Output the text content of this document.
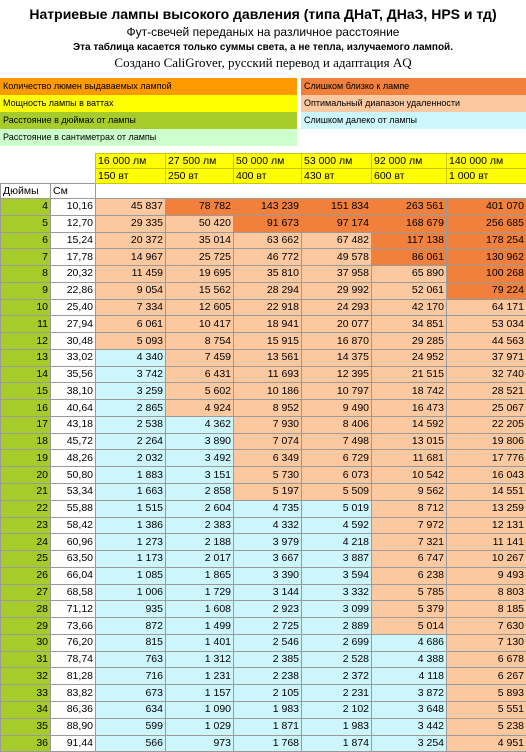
Натриевые лампы высокого давления (типа ДНаТ, ДНаЗ, HPS и тд)
Фут-свечей переданых на различное расстояние
Эта таблица касается только суммы света, а не тепла, излучаемого лампой.
Создано CaliGrover, русский перевод и адаптация AQ
Количество люмен выдаваемых лампой
Мощность лампы в ваттах
Расстояние в дюймах от лампы
Расстояние в сантиметрах от лампы
Слишком близко к лампе
Оптимальный диапазон удаленности
Слишком далеко от лампы
		16 000 лм	27 500 лм	50 000 лм	53 000 лм	92 000 лм	140 000 лм
		150 вт	250 вт	400 вт	430 вт	600 вт	1 000 вт
Дюймы	См						
4	10,16	45 837	78 782	143 239	151 834	263 561	401 070
5	12,70	29 335	50 420	91 673	97 174	168 679	256 685
6	15,24	20 372	35 014	63 662	67 482	117 138	178 254
7	17,78	14 967	25 725	46 772	49 578	86 061	130 962
8	20,32	11 459	19 695	35 810	37 958	65 890	100 268
9	22,86	9 054	15 562	28 294	29 992	52 061	79 224
10	25,40	7 334	12 605	22 918	24 293	42 170	64 171
11	27,94	6 061	10 417	18 941	20 077	34 851	53 034
12	30,48	5 093	8 754	15 915	16 870	29 285	44 563
13	33,02	4 340	7 459	13 561	14 375	24 952	37 971
14	35,56	3 742	6 431	11 693	12 395	21 515	32 740
15	38,10	3 259	5 602	10 186	10 797	18 742	28 521
16	40,64	2 865	4 924	8 952	9 490	16 473	25 067
17	43,18	2 538	4 362	7 930	8 406	14 592	22 205
18	45,72	2 264	3 890	7 074	7 498	13 015	19 806
19	48,26	2 032	3 492	6 349	6 729	11 681	17 776
20	50,80	1 883	3 151	5 730	6 073	10 542	16 043
21	53,34	1 663	2 858	5 197	5 509	9 562	14 551
22	55,88	1 515	2 604	4 735	5 019	8 712	13 259
23	58,42	1 386	2 383	4 332	4 592	7 972	12 131
24	60,96	1 273	2 188	3 979	4 218	7 321	11 141
25	63,50	1 173	2 017	3 667	3 887	6 747	10 267
26	66,04	1 085	1 865	3 390	3 594	6 238	9 493
27	68,58	1 006	1 729	3 144	3 332	5 785	8 803
28	71,12	935	1 608	2 923	3 099	5 379	8 185
29	73,66	872	1 499	2 725	2 889	5 014	7 630
30	76,20	815	1 401	2 546	2 699	4 686	7 130
31	78,74	763	1 312	2 385	2 528	4 388	6 678
32	81,28	716	1 231	2 238	2 372	4 118	6 267
33	83,82	673	1 157	2 105	2 231	3 872	5 893
34	86,36	634	1 090	1 983	2 102	3 648	5 551
35	88,90	599	1 029	1 871	1 983	3 442	5 238
36	91,44	566	973	1 768	1 874	3 254	4 951
